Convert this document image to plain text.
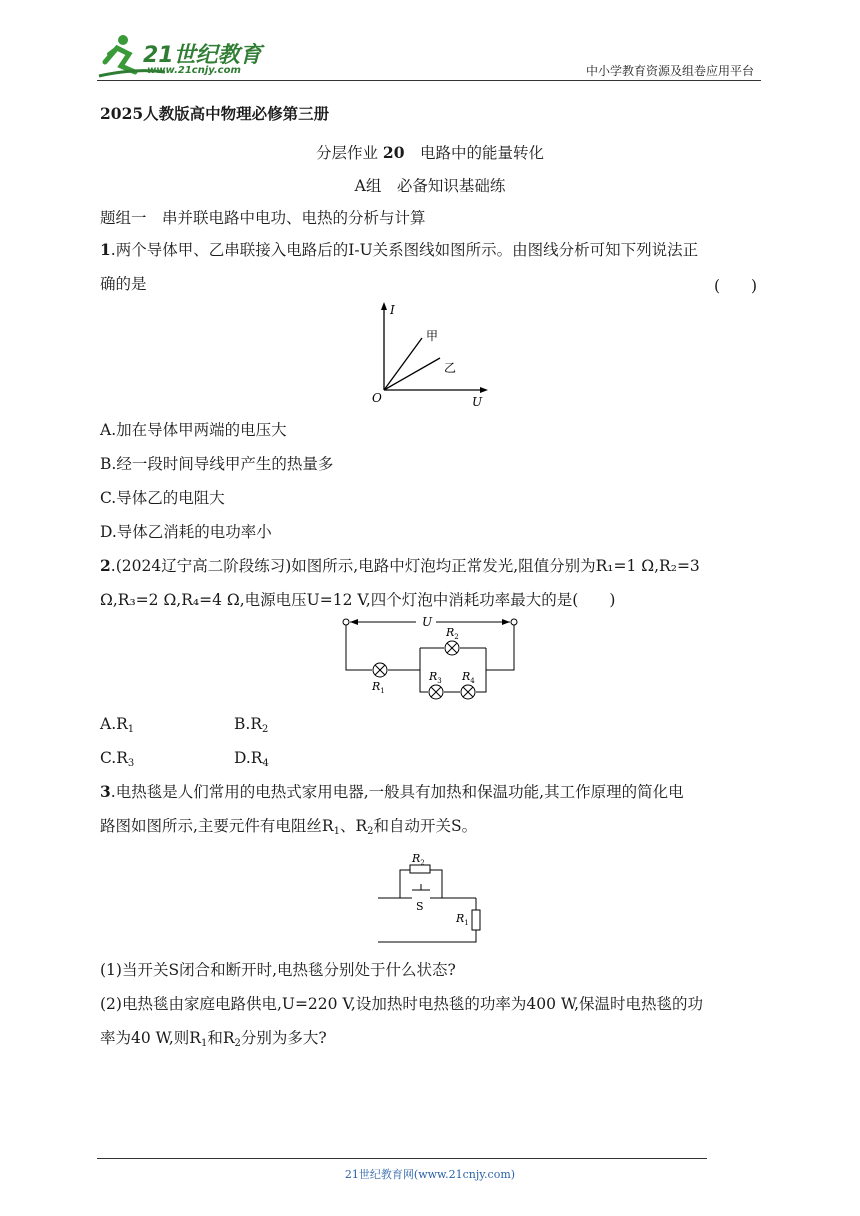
21世纪教育
www.21cnjy.com	中小学教育资源及组卷应用平台
2025人教版高中物理必修第三册
分层作业 20　 电路中的能量转化
A组　必备知识基础练
题组一　串并联电路中电功、电热的分析与计算
1.两个导体甲、乙串联接入电路后的I-U关系图线如图所示。由图线分析可知下列说法正
确的是	(　　)
I
U
O
甲
乙
A.加在导体甲两端的电压大
B.经一段时间导线甲产生的热量多
C.导体乙的电阻大
D.导体乙消耗的电功率小
2.(2024辽宁高二阶段练习)如图所示,电路中灯泡均正常发光,阻值分别为R₁=1 Ω,R₂=3
Ω,R₃=2 Ω,R₄=4 Ω,电源电压U=12 V,四个灯泡中消耗功率最大的是(　　)
U
$R_1$
$R_2$
$R_3$ $R_4$
$A.R_1$	$B.R_2$
$C.R_3$	$D.R_4$
3.电热毯是人们常用的电热式家用电器,一般具有加热和保温功能,其工作原理的简化电
路图如图所示,主要元件有电阻丝$R_1$、$R_2$和自动开关S。
$R_2$
S
$R_1$
(1)当开关S闭合和断开时,电热毯分别处于什么状态?
(2)电热毯由家庭电路供电,U=220 V,设加热时电热毯的功率为400 W,保温时电热毯的功
率为40 W,则$R_1$和$R_2$分别为多大?
21世纪教育网(www.21cnjy.com)
